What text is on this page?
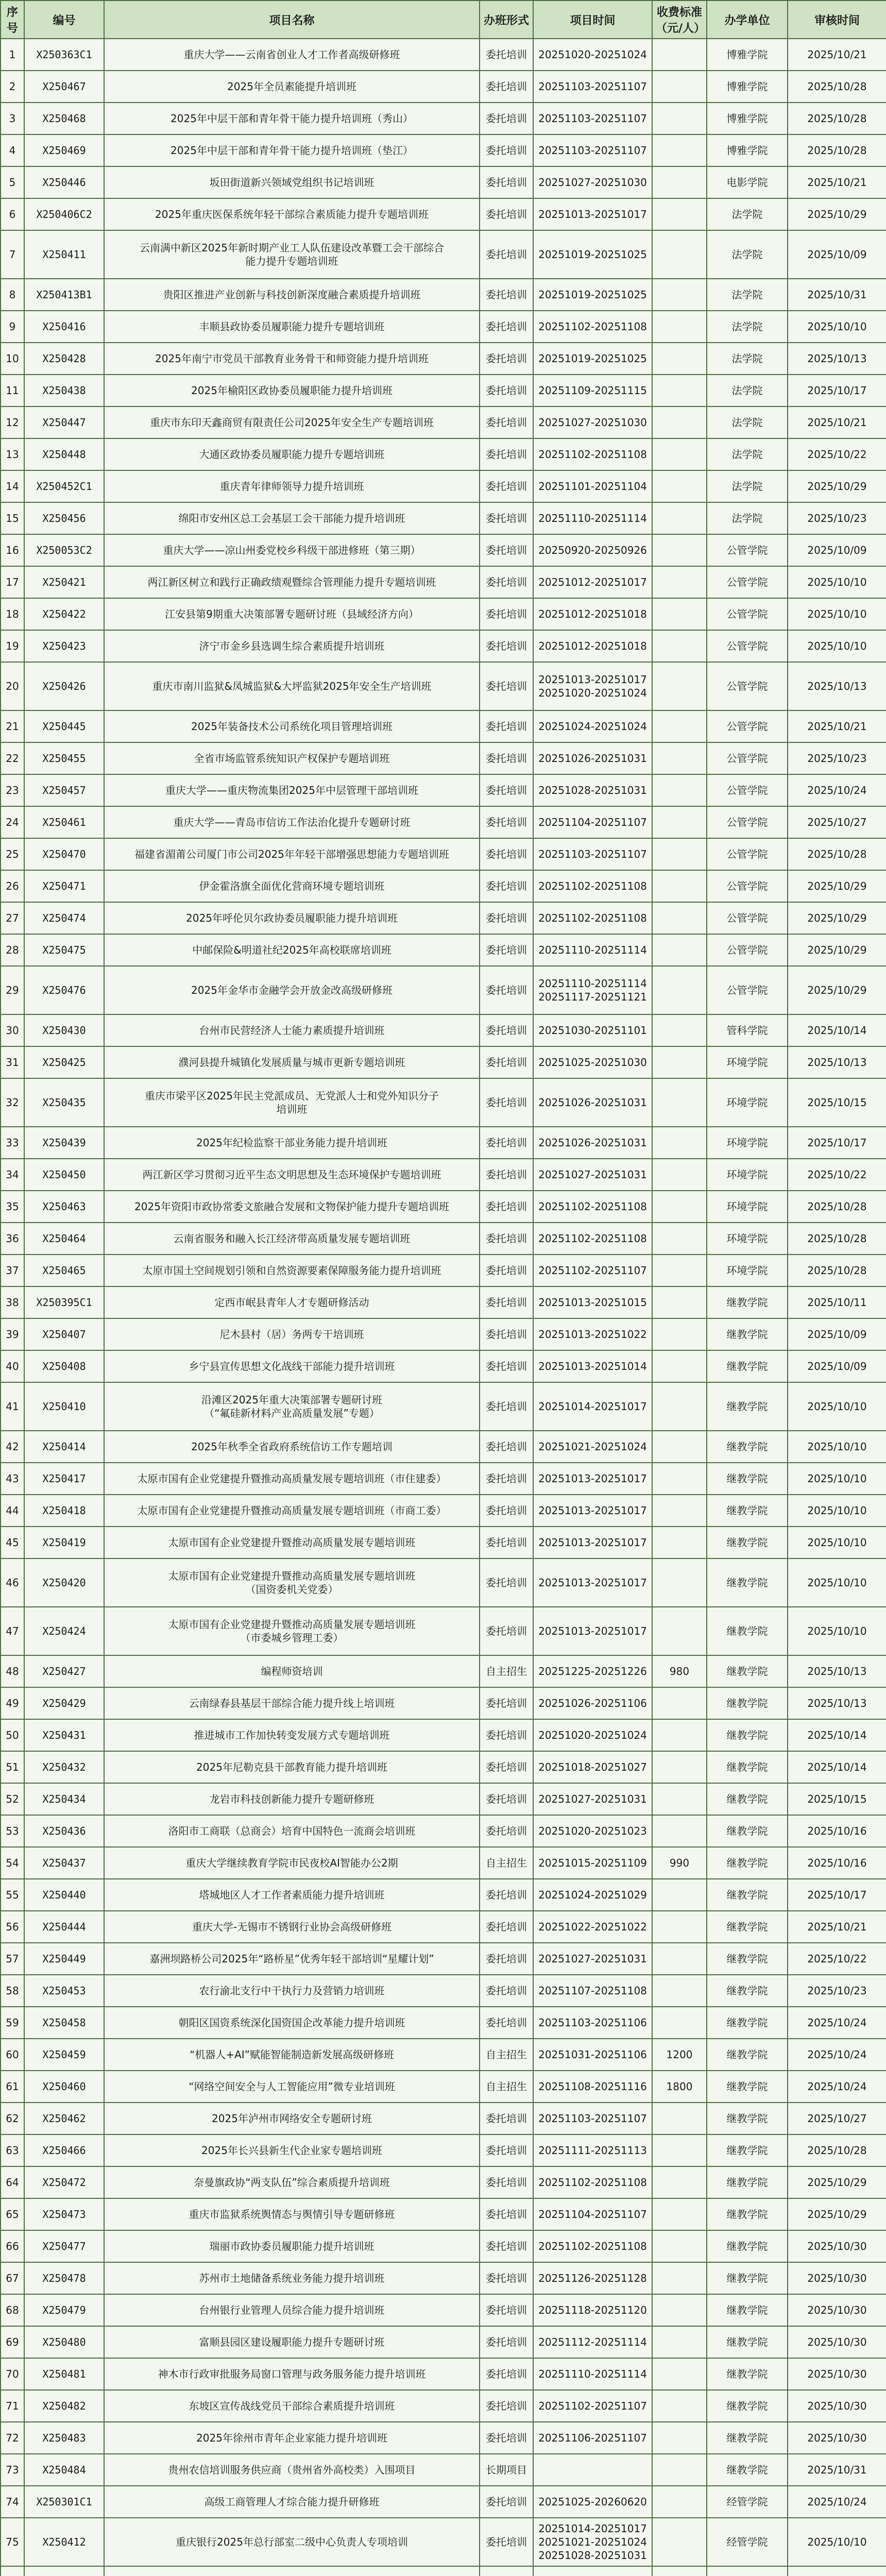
序号	编号	项目名称	办班形式	项目时间	收费标准（元/人）	办学单位	审核时间
1	X250363C1	重庆大学——云南省创业人才工作者高级研修班	委托培训	20251020-20251024		博雅学院	2025/10/21
2	X250467	2025年全员素能提升培训班	委托培训	20251103-20251107		博雅学院	2025/10/28
3	X250468	2025年中层干部和青年骨干能力提升培训班（秀山）	委托培训	20251103-20251107		博雅学院	2025/10/28
4	X250469	2025年中层干部和青年骨干能力提升培训班（垫江）	委托培训	20251103-20251107		博雅学院	2025/10/28
5	X250446	坂田街道新兴领域党组织书记培训班	委托培训	20251027-20251030		电影学院	2025/10/21
6	X250406C2	2025年重庆医保系统年轻干部综合素质能力提升专题培训班	委托培训	20251013-20251017		法学院	2025/10/29
7	X250411	云南满中新区2025年新时期产业工人队伍建设改革暨工会干部综合
能力提升专题培训班	委托培训	20251019-20251025		法学院	2025/10/09
8	X250413B1	贵阳区推进产业创新与科技创新深度融合素质提升培训班	委托培训	20251019-20251025		法学院	2025/10/31
9	X250416	丰顺县政协委员履职能力提升专题培训班	委托培训	20251102-20251108		法学院	2025/10/10
10	X250428	2025年南宁市党员干部教育业务骨干和师资能力提升培训班	委托培训	20251019-20251025		法学院	2025/10/13
11	X250438	2025年榆阳区政协委员履职能力提升培训班	委托培训	20251109-20251115		法学院	2025/10/17
12	X250447	重庆市东印天鑫商贸有限责任公司2025年安全生产专题培训班	委托培训	20251027-20251030		法学院	2025/10/21
13	X250448	大通区政协委员履职能力提升专题培训班	委托培训	20251102-20251108		法学院	2025/10/22
14	X250452C1	重庆青年律师领导力提升培训班	委托培训	20251101-20251104		法学院	2025/10/29
15	X250456	绵阳市安州区总工会基层工会干部能力提升培训班	委托培训	20251110-20251114		法学院	2025/10/23
16	X250053C2	重庆大学——凉山州委党校乡科级干部进修班（第三期）	委托培训	20250920-20250926		公管学院	2025/10/09
17	X250421	两江新区树立和践行正确政绩观暨综合管理能力提升专题培训班	委托培训	20251012-20251017		公管学院	2025/10/10
18	X250422	江安县第9期重大决策部署专题研讨班（县域经济方向）	委托培训	20251012-20251018		公管学院	2025/10/10
19	X250423	济宁市金乡县选调生综合素质提升培训班	委托培训	20251012-20251018		公管学院	2025/10/10
20	X250426	重庆市南川监狱&凤城监狱&大坪监狱2025年安全生产培训班	委托培训	20251013-20251017
20251020-20251024		公管学院	2025/10/13
21	X250445	2025年装备技术公司系统化项目管理培训班	委托培训	20251024-20251024		公管学院	2025/10/21
22	X250455	全省市场监管系统知识产权保护专题培训班	委托培训	20251026-20251031		公管学院	2025/10/23
23	X250457	重庆大学——重庆物流集团2025年中层管理干部培训班	委托培训	20251028-20251031		公管学院	2025/10/24
24	X250461	重庆大学——青岛市信访工作法治化提升专题研讨班	委托培训	20251104-20251107		公管学院	2025/10/27
25	X250470	福建省湄莆公司厦门市公司2025年年轻干部增强思想能力专题培训班	委托培训	20251103-20251107		公管学院	2025/10/28
26	X250471	伊金霍洛旗全面优化营商环境专题培训班	委托培训	20251102-20251108		公管学院	2025/10/29
27	X250474	2025年呼伦贝尔政协委员履职能力提升培训班	委托培训	20251102-20251108		公管学院	2025/10/29
28	X250475	中邮保险&明道社纪2025年高校联席培训班	委托培训	20251110-20251114		公管学院	2025/10/29
29	X250476	2025年金华市金融学会开放金改高级研修班	委托培训	20251110-20251114
20251117-20251121		公管学院	2025/10/29
30	X250430	台州市民营经济人士能力素质提升培训班	委托培训	20251030-20251101		管科学院	2025/10/14
31	X250425	濮河县提升城镇化发展质量与城市更新专题培训班	委托培训	20251025-20251030		环境学院	2025/10/13
32	X250435	重庆市梁平区2025年民主党派成员、无党派人士和党外知识分子
培训班	委托培训	20251026-20251031		环境学院	2025/10/15
33	X250439	2025年纪检监察干部业务能力提升培训班	委托培训	20251026-20251031		环境学院	2025/10/17
34	X250450	两江新区学习贯彻习近平生态文明思想及生态环境保护专题培训班	委托培训	20251027-20251031		环境学院	2025/10/22
35	X250463	2025年资阳市政协常委文旅融合发展和文物保护能力提升专题培训班	委托培训	20251102-20251108		环境学院	2025/10/28
36	X250464	云南省服务和融入长江经济带高质量发展专题培训班	委托培训	20251102-20251108		环境学院	2025/10/28
37	X250465	太原市国土空间规划引领和自然资源要素保障服务能力提升培训班	委托培训	20251102-20251107		环境学院	2025/10/28
38	X250395C1	定西市岷县青年人才专题研修活动	委托培训	20251013-20251015		继教学院	2025/10/11
39	X250407	尼木县村（居）务两专干培训班	委托培训	20251013-20251022		继教学院	2025/10/09
40	X250408	乡宁县宣传思想文化战线干部能力提升培训班	委托培训	20251013-20251014		继教学院	2025/10/09
41	X250410	沿滩区2025年重大决策部署专题研讨班
（“氟硅新材料产业高质量发展”专题）	委托培训	20251014-20251017		继教学院	2025/10/10
42	X250414	2025年秋季全省政府系统信访工作专题培训	委托培训	20251021-20251024		继教学院	2025/10/10
43	X250417	太原市国有企业党建提升暨推动高质量发展专题培训班（市住建委）	委托培训	20251013-20251017		继教学院	2025/10/10
44	X250418	太原市国有企业党建提升暨推动高质量发展专题培训班（市商工委）	委托培训	20251013-20251017		继教学院	2025/10/10
45	X250419	太原市国有企业党建提升暨推动高质量发展专题培训班	委托培训	20251013-20251017		继教学院	2025/10/10
46	X250420	太原市国有企业党建提升暨推动高质量发展专题培训班
（国资委机关党委）	委托培训	20251013-20251017		继教学院	2025/10/10
47	X250424	太原市国有企业党建提升暨推动高质量发展专题培训班
（市委城乡管理工委）	委托培训	20251013-20251017		继教学院	2025/10/10
48	X250427	编程师资培训	自主招生	20251225-20251226	980	继教学院	2025/10/13
49	X250429	云南绿春县基层干部综合能力提升线上培训班	委托培训	20251026-20251106		继教学院	2025/10/13
50	X250431	推进城市工作加快转变发展方式专题培训班	委托培训	20251020-20251024		继教学院	2025/10/14
51	X250432	2025年尼勒克县干部教育能力提升培训班	委托培训	20251018-20251027		继教学院	2025/10/14
52	X250434	龙岩市科技创新能力提升专题研修班	委托培训	20251027-20251031		继教学院	2025/10/15
53	X250436	洛阳市工商联（总商会）培育中国特色一流商会培训班	委托培训	20251020-20251023		继教学院	2025/10/16
54	X250437	重庆大学继续教育学院市民夜校AI智能办公2期	自主招生	20251015-20251109	990	继教学院	2025/10/16
55	X250440	塔城地区人才工作者素质能力提升培训班	委托培训	20251024-20251029		继教学院	2025/10/17
56	X250444	重庆大学-无锡市不锈钢行业协会高级研修班	委托培训	20251022-20251022		继教学院	2025/10/21
57	X250449	嘉洲坝路桥公司2025年“路桥星”优秀年轻干部培训“星耀计划”	委托培训	20251027-20251031		继教学院	2025/10/22
58	X250453	农行渝北支行中干执行力及营销力培训班	委托培训	20251107-20251108		继教学院	2025/10/23
59	X250458	朝阳区国资系统深化国资国企改革能力提升培训班	委托培训	20251103-20251106		继教学院	2025/10/24
60	X250459	“机器人+AI”赋能智能制造新发展高级研修班	自主招生	20251031-20251106	1200	继教学院	2025/10/24
61	X250460	“网络空间安全与人工智能应用”微专业培训班	自主招生	20251108-20251116	1800	继教学院	2025/10/24
62	X250462	2025年泸州市网络安全专题研讨班	委托培训	20251103-20251107		继教学院	2025/10/27
63	X250466	2025年长兴县新生代企业家专题培训班	委托培训	20251111-20251113		继教学院	2025/10/28
64	X250472	奈曼旗政协“两支队伍”综合素质提升培训班	委托培训	20251102-20251108		继教学院	2025/10/29
65	X250473	重庆市监狱系统舆情态与舆情引导专题研修班	委托培训	20251104-20251107		继教学院	2025/10/29
66	X250477	瑞丽市政协委员履职能力提升培训班	委托培训	20251102-20251108		继教学院	2025/10/30
67	X250478	苏州市土地储备系统业务能力提升培训班	委托培训	20251126-20251128		继教学院	2025/10/30
68	X250479	台州银行业管理人员综合能力提升培训班	委托培训	20251118-20251120		继教学院	2025/10/30
69	X250480	富顺县园区建设履职能力提升专题研讨班	委托培训	20251112-20251114		继教学院	2025/10/30
70	X250481	神木市行政审批服务局窗口管理与政务服务能力提升培训班	委托培训	20251110-20251114		继教学院	2025/10/30
71	X250482	东坡区宣传战线党员干部综合素质提升培训班	委托培训	20251102-20251107		继教学院	2025/10/30
72	X250483	2025年徐州市青年企业家能力提升培训班	委托培训	20251106-20251107		继教学院	2025/10/30
73	X250484	贵州农信培训服务供应商（贵州省外高校类）入围项目	长期项目			继教学院	2025/10/31
74	X250301C1	高级工商管理人才综合能力提升研修班	委托培训	20251025-20260620		经管学院	2025/10/24
75	X250412	重庆银行2025年总行部室二级中心负责人专项培训	委托培训	20251014-20251017
20251021-20251024
20251028-20251031		经管学院	2025/10/10
